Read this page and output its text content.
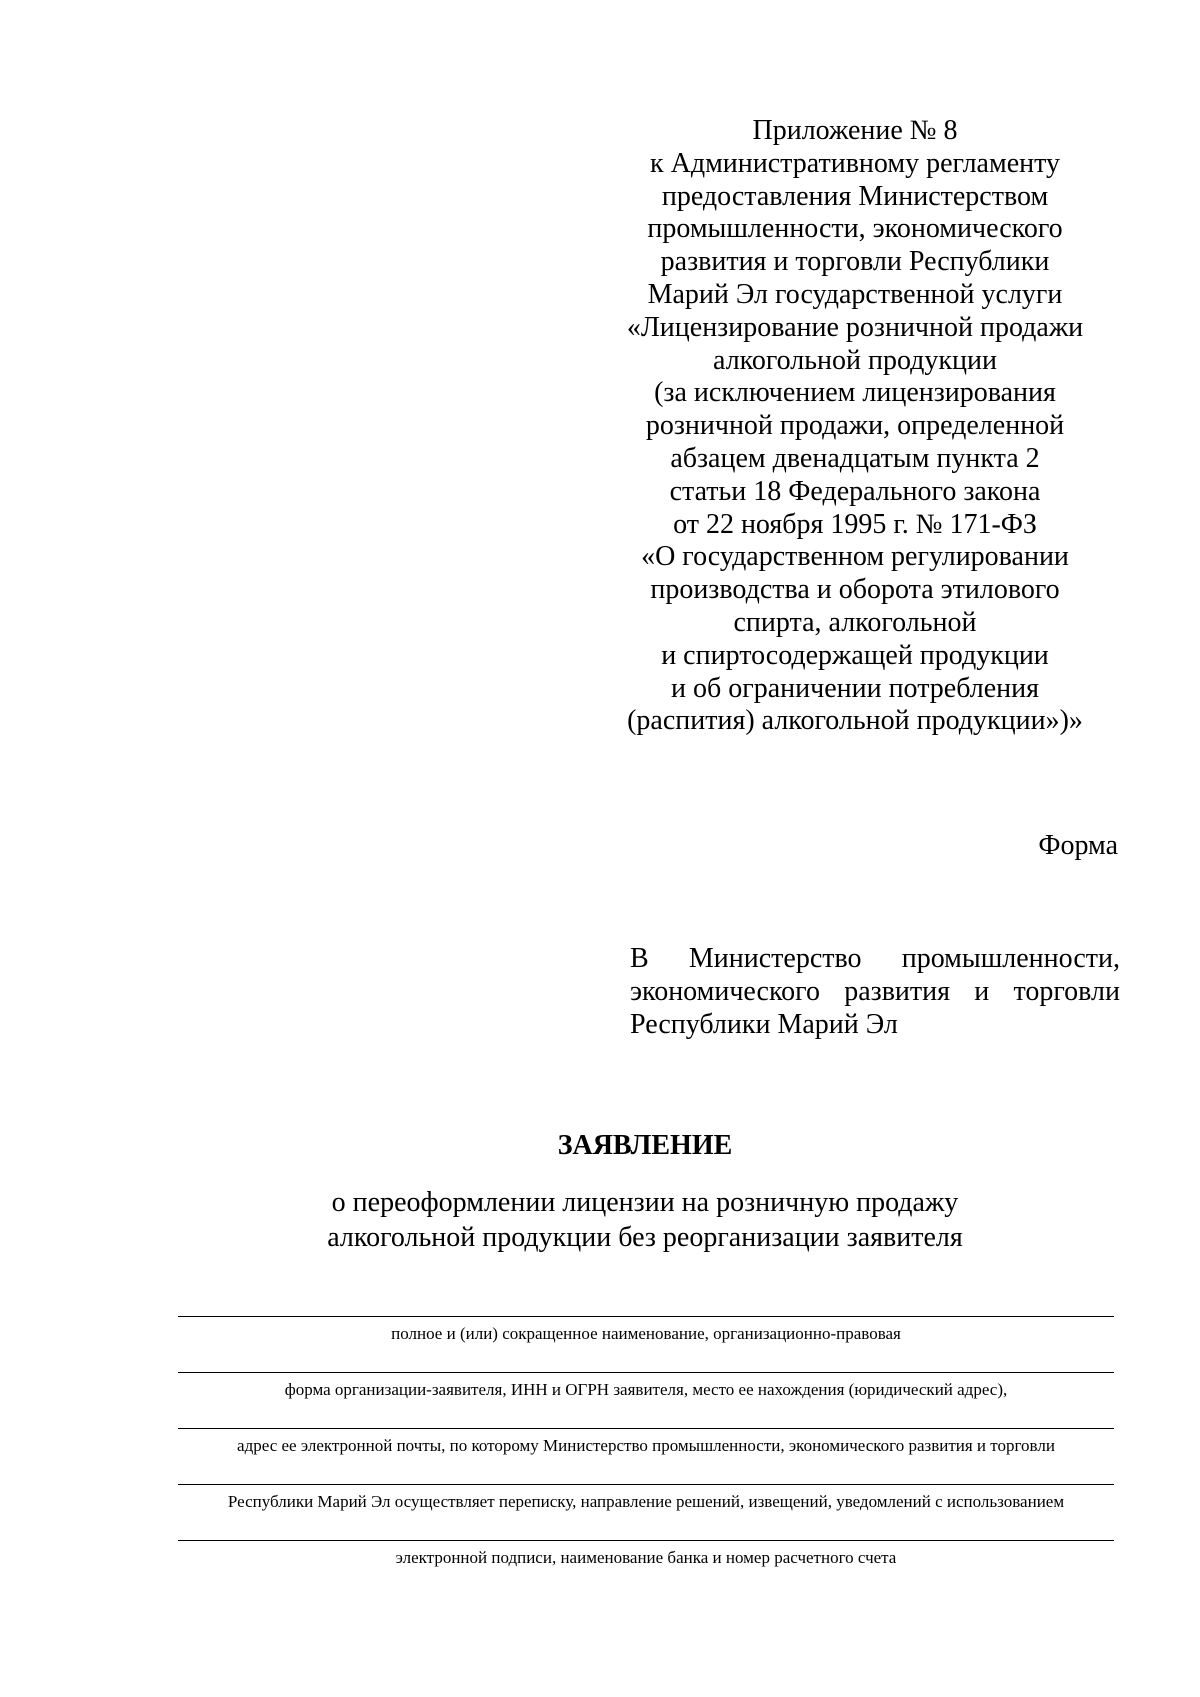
Приложение № 8
к Административному регламенту
предоставления Министерством
промышленности, экономического
развития и торговли Республики
Марий Эл государственной услуги
«Лицензирование розничной продажи
алкогольной продукции
(за исключением лицензирования
розничной продажи, определенной
абзацем двенадцатым пункта 2
статьи 18 Федерального закона
от 22 ноября 1995 г. № 171-ФЗ
«О государственном регулировании
производства и оборота этилового
спирта, алкогольной
и спиртосодержащей продукции
и об ограничении потребления
(распития) алкогольной продукции»)»
Форма
В Министерство промышленности,
экономического развития и торговли
Республики Марий Эл
ЗАЯВЛЕНИЕ
о переоформлении лицензии на розничную продажу
алкогольной продукции без реорганизации заявителя
полное и (или) сокращенное наименование, организационно-правовая
форма организации-заявителя, ИНН и ОГРН заявителя, место ее нахождения (юридический адрес),
адрес ее электронной почты, по которому Министерство промышленности, экономического развития и торговли
Республики Марий Эл осуществляет переписку, направление решений, извещений, уведомлений с использованием
электронной подписи, наименование банка и номер расчетного счета
